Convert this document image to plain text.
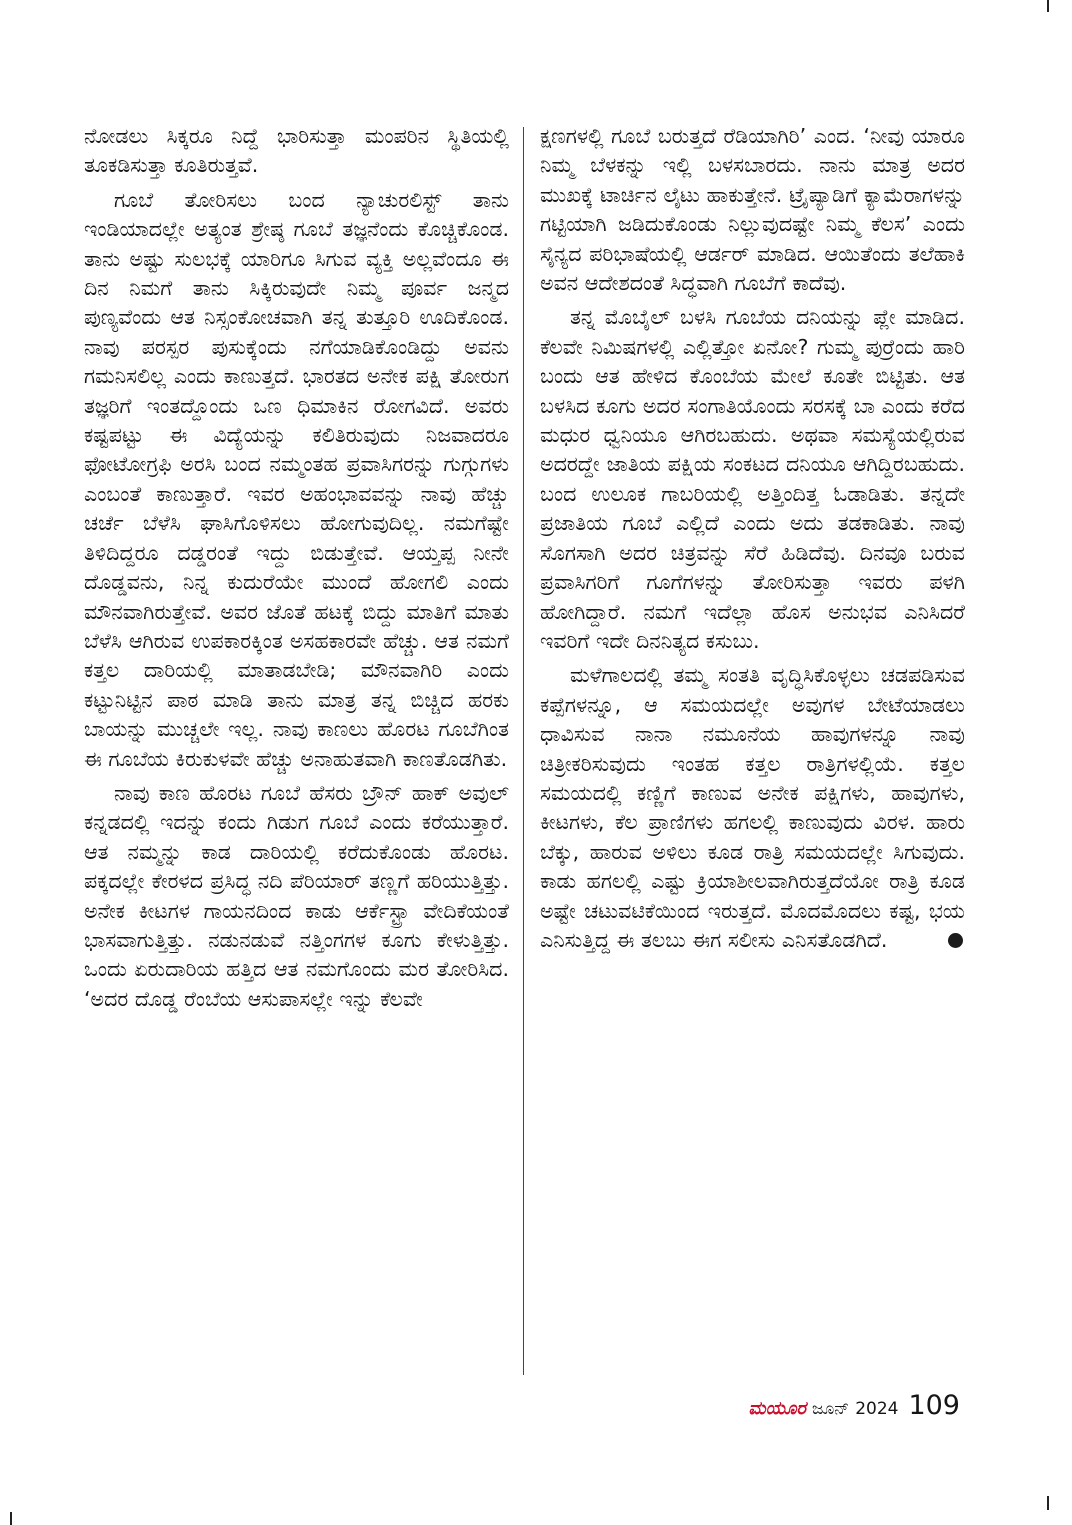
ನೋಡಲು ಸಿಕ್ಕರೂ ನಿದ್ದೆ ಭಾರಿಸುತ್ತಾ ಮಂಪರಿನ ಸ್ಥಿತಿಯಲ್ಲಿ ತೂಕಡಿಸುತ್ತಾ ಕೂತಿರುತ್ತವೆ.

ಗೂಬೆ ತೋರಿಸಲು ಬಂದ ನ್ಯಾಚುರಲಿಸ್ಟ್ ತಾನು ಇಂಡಿಯಾದಲ್ಲೇ ಅತ್ಯಂತ ಶ್ರೇಷ್ಠ ಗೂಬೆ ತಜ್ಞನೆಂದು ಕೊಚ್ಚಿಕೊಂಡ. ತಾನು ಅಷ್ಟು ಸುಲಭಕ್ಕೆ ಯಾರಿಗೂ ಸಿಗುವ ವ್ಯಕ್ತಿ ಅಲ್ಲವೆಂದೂ ಈ ದಿನ ನಿಮಗೆ ತಾನು ಸಿಕ್ಕಿರುವುದೇ ನಿಮ್ಮ ಪೂರ್ವ ಜನ್ಮದ ಪುಣ್ಯವೆಂದು ಆತ ನಿಸ್ಸಂಕೋಚವಾಗಿ ತನ್ನ ತುತ್ತೂರಿ ಊದಿಕೊಂಡ. ನಾವು ಪರಸ್ಪರ ಪುಸುಕ್ಕೆಂದು ನಗೆಯಾಡಿಕೊಂಡಿದ್ದು ಅವನು ಗಮನಿಸಲಿಲ್ಲ ಎಂದು ಕಾಣುತ್ತದೆ. ಭಾರತದ ಅನೇಕ ಪಕ್ಷಿ ತೋರುಗ ತಜ್ಞರಿಗೆ ಇಂತದ್ದೊಂದು ಒಣ ಧಿಮಾಕಿನ ರೋಗವಿದೆ. ಅವರು ಕಷ್ಟಪಟ್ಟು ಈ ವಿದ್ಯೆಯನ್ನು ಕಲಿತಿರುವುದು ನಿಜವಾದರೂ ಫೋಟೋಗ್ರಫಿ ಅರಸಿ ಬಂದ ನಮ್ಮಂತಹ ಪ್ರವಾಸಿಗರನ್ನು ಗುಗ್ಗುಗಳು ಎಂಬಂತೆ ಕಾಣುತ್ತಾರೆ. ಇವರ ಅಹಂಭಾವವನ್ನು ನಾವು ಹೆಚ್ಚು ಚರ್ಚೆ ಬೆಳೆಸಿ ಘಾಸಿಗೊಳಿಸಲು ಹೋಗುವುದಿಲ್ಲ. ನಮಗೆಷ್ಟೇ ತಿಳಿದಿದ್ದರೂ ದಡ್ಡರಂತೆ ಇದ್ದು ಬಿಡುತ್ತೇವೆ. ಆಯ್ತಪ್ಪ ನೀನೇ ದೊಡ್ಡವನು, ನಿನ್ನ ಕುದುರೆಯೇ ಮುಂದೆ ಹೋಗಲಿ ಎಂದು ಮೌನವಾಗಿರುತ್ತೇವೆ. ಅವರ ಜೊತೆ ಹಟಕ್ಕೆ ಬಿದ್ದು ಮಾತಿಗೆ ಮಾತು ಬೆಳೆಸಿ ಆಗಿರುವ ಉಪಕಾರಕ್ಕಿಂತ ಅಸಹಕಾರವೇ ಹೆಚ್ಚು. ಆತ ನಮಗೆ ಕತ್ತಲ ದಾರಿಯಲ್ಲಿ ಮಾತಾಡಬೇಡಿ; ಮೌನವಾಗಿರಿ ಎಂದು ಕಟ್ಟುನಿಟ್ಟಿನ ಪಾಠ ಮಾಡಿ ತಾನು ಮಾತ್ರ ತನ್ನ ಬಿಚ್ಚಿದ ಹರಕು ಬಾಯನ್ನು ಮುಚ್ಚಲೇ ಇಲ್ಲ. ನಾವು ಕಾಣಲು ಹೊರಟ ಗೂಬೆಗಿಂತ ಈ ಗೂಬೆಯ ಕಿರುಕುಳವೇ ಹೆಚ್ಚು ಅನಾಹುತವಾಗಿ ಕಾಣತೊಡಗಿತು.

ನಾವು ಕಾಣ ಹೊರಟ ಗೂಬೆ ಹೆಸರು ಬ್ರೌನ್ ಹಾಕ್ ಅವುಲ್ ಕನ್ನಡದಲ್ಲಿ ಇದನ್ನು ಕಂದು ಗಿಡುಗ ಗೂಬೆ ಎಂದು ಕರೆಯುತ್ತಾರೆ. ಆತ ನಮ್ಮನ್ನು ಕಾಡ ದಾರಿಯಲ್ಲಿ ಕರೆದುಕೊಂಡು ಹೊರಟ. ಪಕ್ಕದಲ್ಲೇ ಕೇರಳದ ಪ್ರಸಿದ್ಧ ನದಿ ಪೆರಿಯಾರ್ ತಣ್ಣಗೆ ಹರಿಯುತ್ತಿತ್ತು. ಅನೇಕ ಕೀಟಗಳ ಗಾಯನದಿಂದ ಕಾಡು ಆರ್ಕೆಸ್ಟ್ರಾ ವೇದಿಕೆಯಂತೆ ಭಾಸವಾಗುತ್ತಿತ್ತು. ನಡುನಡುವೆ ನತ್ತಿಂಗಗಳ ಕೂಗು ಕೇಳುತ್ತಿತ್ತು. ಒಂದು ಏರುದಾರಿಯ ಹತ್ತಿದ ಆತ ನಮಗೊಂದು ಮರ ತೋರಿಸಿದ. ‘ಅದರ ದೊಡ್ಡ ರೆಂಬೆಯ ಆಸುಪಾಸಲ್ಲೇ ಇನ್ನು ಕೆಲವೇ

ಕ್ಷಣಗಳಲ್ಲಿ ಗೂಬೆ ಬರುತ್ತದೆ ರೆಡಿಯಾಗಿರಿ’ ಎಂದ. ‘ನೀವು ಯಾರೂ ನಿಮ್ಮ ಬೆಳಕನ್ನು ಇಲ್ಲಿ ಬಳಸಬಾರದು. ನಾನು ಮಾತ್ರ ಅದರ ಮುಖಕ್ಕೆ ಟಾರ್ಚಿನ ಲೈಟು ಹಾಕುತ್ತೇನೆ. ಟ್ರೈಪ್ಯಾಡಿಗೆ ಕ್ಯಾಮೆರಾಗಳನ್ನು ಗಟ್ಟಿಯಾಗಿ ಜಡಿದುಕೊಂಡು ನಿಲ್ಲುವುದಷ್ಟೇ ನಿಮ್ಮ ಕೆಲಸ’ ಎಂದು ಸೈನ್ಯದ ಪರಿಭಾಷೆಯಲ್ಲಿ ಆರ್ಡರ್ ಮಾಡಿದ. ಆಯಿತೆಂದು ತಲೆಹಾಕಿ ಅವನ ಆದೇಶದಂತೆ ಸಿದ್ಧವಾಗಿ ಗೂಬೆಗೆ ಕಾದೆವು.

ತನ್ನ ಮೊಬೈಲ್ ಬಳಸಿ ಗೂಬೆಯ ದನಿಯನ್ನು ಪ್ಲೇ ಮಾಡಿದ. ಕೆಲವೇ ನಿಮಿಷಗಳಲ್ಲಿ ಎಲ್ಲಿತ್ತೋ ಏನೋ? ಗುಮ್ಮ ಪುರ್ರೆಂದು ಹಾರಿ ಬಂದು ಆತ ಹೇಳಿದ ಕೊಂಬೆಯ ಮೇಲೆ ಕೂತೇ ಬಿಟ್ಟಿತು. ಆತ ಬಳಸಿದ ಕೂಗು ಅದರ ಸಂಗಾತಿಯೊಂದು ಸರಸಕ್ಕೆ ಬಾ ಎಂದು ಕರೆದ ಮಧುರ ಧ್ವನಿಯೂ ಆಗಿರಬಹುದು. ಅಥವಾ ಸಮಸ್ಯೆಯಲ್ಲಿರುವ ಅದರದ್ದೇ ಜಾತಿಯ ಪಕ್ಷಿಯ ಸಂಕಟದ ದನಿಯೂ ಆಗಿದ್ದಿರಬಹುದು. ಬಂದ ಉಲೂಕ ಗಾಬರಿಯಲ್ಲಿ ಅತ್ತಿಂದಿತ್ತ ಓಡಾಡಿತು. ತನ್ನದೇ ಪ್ರಜಾತಿಯ ಗೂಬೆ ಎಲ್ಲಿದೆ ಎಂದು ಅದು ತಡಕಾಡಿತು. ನಾವು ಸೊಗಸಾಗಿ ಅದರ ಚಿತ್ರವನ್ನು ಸೆರೆ ಹಿಡಿದೆವು. ದಿನವೂ ಬರುವ ಪ್ರವಾಸಿಗರಿಗೆ ಗೂಗೆಗಳನ್ನು ತೋರಿಸುತ್ತಾ ಇವರು ಪಳಗಿ ಹೋಗಿದ್ದಾರೆ. ನಮಗೆ ಇದೆಲ್ಲಾ ಹೊಸ ಅನುಭವ ಎನಿಸಿದರೆ ಇವರಿಗೆ ಇದೇ ದಿನನಿತ್ಯದ ಕಸುಬು.

ಮಳೆಗಾಲದಲ್ಲಿ ತಮ್ಮ ಸಂತತಿ ವೃದ್ಧಿಸಿಕೊಳ್ಳಲು ಚಡಪಡಿಸುವ ಕಪ್ಪೆಗಳನ್ನೂ, ಆ ಸಮಯದಲ್ಲೇ ಅವುಗಳ ಬೇಟೆಯಾಡಲು ಧಾವಿಸುವ ನಾನಾ ನಮೂನೆಯ ಹಾವುಗಳನ್ನೂ ನಾವು ಚಿತ್ರೀಕರಿಸುವುದು ಇಂತಹ ಕತ್ತಲ ರಾತ್ರಿಗಳಲ್ಲಿಯೆ. ಕತ್ತಲ ಸಮಯದಲ್ಲಿ ಕಣ್ಣಿಗೆ ಕಾಣುವ ಅನೇಕ ಪಕ್ಷಿಗಳು, ಹಾವುಗಳು, ಕೀಟಗಳು, ಕೆಲ ಪ್ರಾಣಿಗಳು ಹಗಲಲ್ಲಿ ಕಾಣುವುದು ವಿರಳ. ಹಾರು ಬೆಕ್ಕು, ಹಾರುವ ಅಳಿಲು ಕೂಡ ರಾತ್ರಿ ಸಮಯದಲ್ಲೇ ಸಿಗುವುದು. ಕಾಡು ಹಗಲಲ್ಲಿ ಎಷ್ಟು ಕ್ರಿಯಾಶೀಲವಾಗಿರುತ್ತದೆಯೋ ರಾತ್ರಿ ಕೂಡ ಅಷ್ಟೇ ಚಟುವಟಿಕೆಯಿಂದ ಇರುತ್ತದೆ. ಮೊದಮೊದಲು ಕಷ್ಟ, ಭಯ ಎನಿಸುತ್ತಿದ್ದ ಈ ತಲಬು ಈಗ ಸಲೀಸು ಎನಿಸತೊಡಗಿದೆ.

ಮಯೂರ ಜೂನ್ 2024 109
